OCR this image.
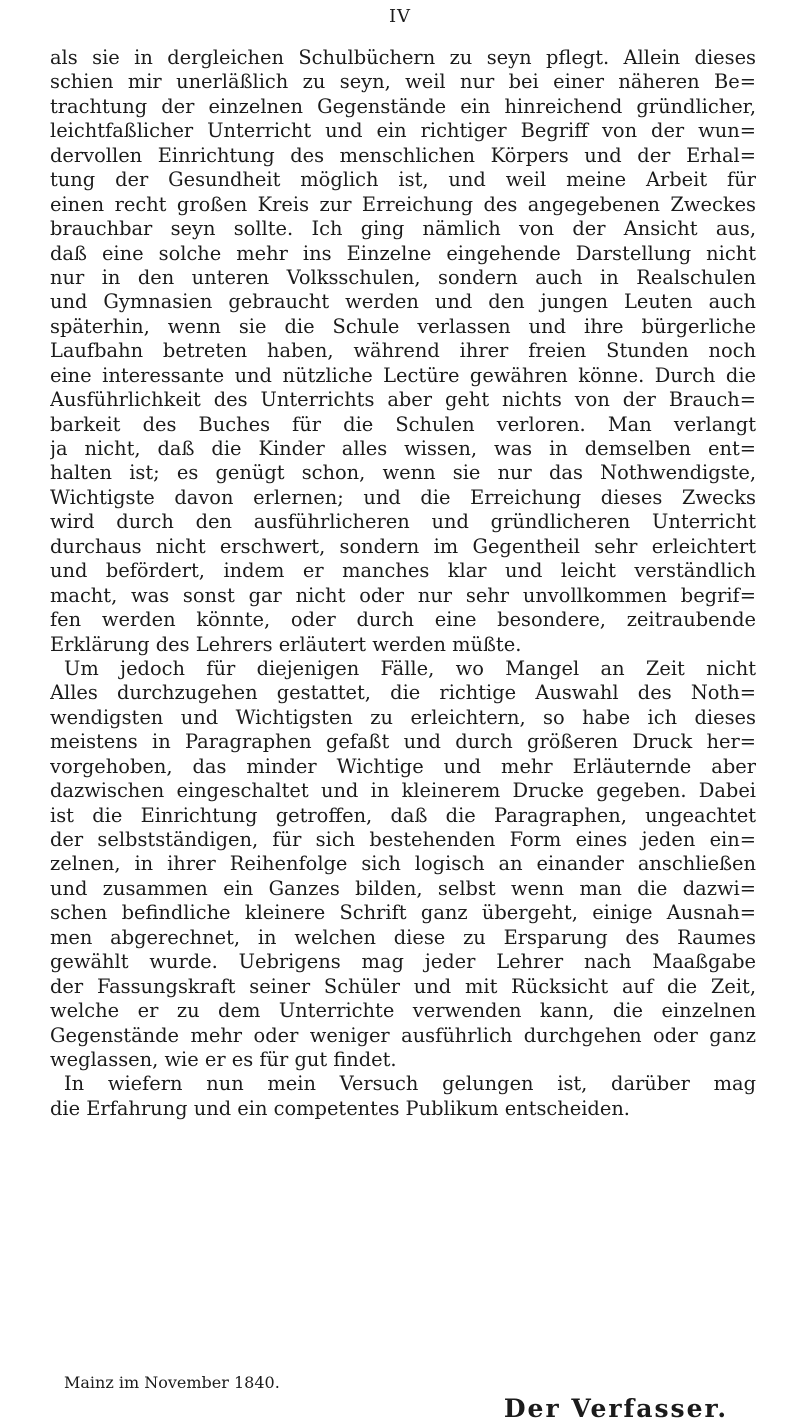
IV
als sie in dergleichen Schulbüchern zu seyn pflegt. Allein dieses
schien mir unerläßlich zu seyn, weil nur bei einer näheren Be=
trachtung der einzelnen Gegenstände ein hinreichend gründlicher,
leichtfaßlicher Unterricht und ein richtiger Begriff von der wun=
dervollen Einrichtung des menschlichen Körpers und der Erhal=
tung der Gesundheit möglich ist, und weil meine Arbeit für
einen recht großen Kreis zur Erreichung des angegebenen Zweckes
brauchbar seyn sollte. Ich ging nämlich von der Ansicht aus,
daß eine solche mehr ins Einzelne eingehende Darstellung nicht
nur in den unteren Volksschulen, sondern auch in Realschulen
und Gymnasien gebraucht werden und den jungen Leuten auch
späterhin, wenn sie die Schule verlassen und ihre bürgerliche
Laufbahn betreten haben, während ihrer freien Stunden noch
eine interessante und nützliche Lectüre gewähren könne. Durch die
Ausführlichkeit des Unterrichts aber geht nichts von der Brauch=
barkeit des Buches für die Schulen verloren. Man verlangt
ja nicht, daß die Kinder alles wissen, was in demselben ent=
halten ist; es genügt schon, wenn sie nur das Nothwendigste,
Wichtigste davon erlernen; und die Erreichung dieses Zwecks
wird durch den ausführlicheren und gründlicheren Unterricht
durchaus nicht erschwert, sondern im Gegentheil sehr erleichtert
und befördert, indem er manches klar und leicht verständlich
macht, was sonst gar nicht oder nur sehr unvollkommen begrif=
fen werden könnte, oder durch eine besondere, zeitraubende
Erklärung des Lehrers erläutert werden müßte.
Um jedoch für diejenigen Fälle, wo Mangel an Zeit nicht
Alles durchzugehen gestattet, die richtige Auswahl des Noth=
wendigsten und Wichtigsten zu erleichtern, so habe ich dieses
meistens in Paragraphen gefaßt und durch größeren Druck her=
vorgehoben, das minder Wichtige und mehr Erläuternde aber
dazwischen eingeschaltet und in kleinerem Drucke gegeben. Dabei
ist die Einrichtung getroffen, daß die Paragraphen, ungeachtet
der selbstständigen, für sich bestehenden Form eines jeden ein=
zelnen, in ihrer Reihenfolge sich logisch an einander anschließen
und zusammen ein Ganzes bilden, selbst wenn man die dazwi=
schen befindliche kleinere Schrift ganz übergeht, einige Ausnah=
men abgerechnet, in welchen diese zu Ersparung des Raumes
gewählt wurde. Uebrigens mag jeder Lehrer nach Maaßgabe
der Fassungskraft seiner Schüler und mit Rücksicht auf die Zeit,
welche er zu dem Unterrichte verwenden kann, die einzelnen
Gegenstände mehr oder weniger ausführlich durchgehen oder ganz
weglassen, wie er es für gut findet.
In wiefern nun mein Versuch gelungen ist, darüber mag
die Erfahrung und ein competentes Publikum entscheiden.
Mainz im November 1840.
Der Verfasser.
